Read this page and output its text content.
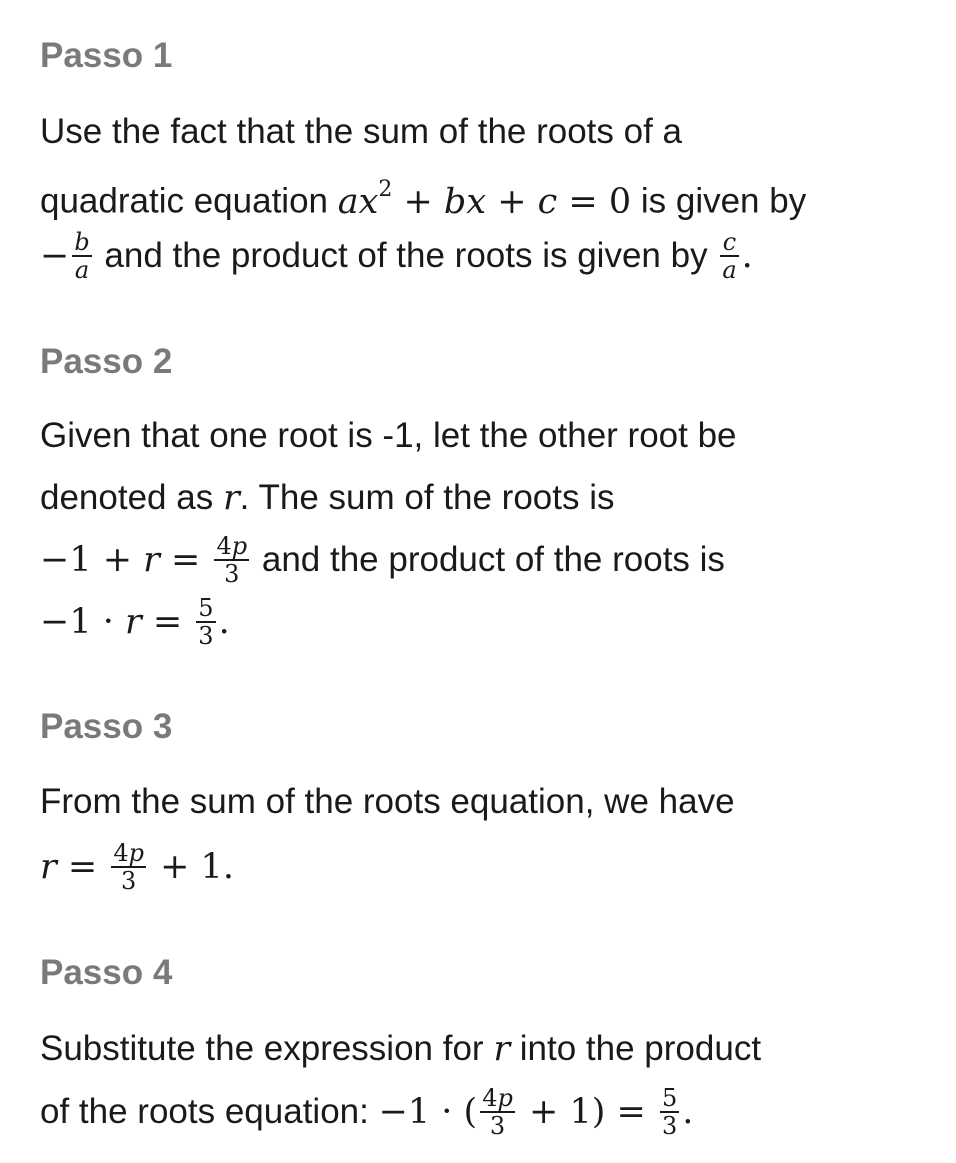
Passo 1
Use the fact that the sum of the roots of a
quadratic equation $ax^2$ + bx + c = 0 is given by
− $\frac{b}{a}$ and the product of the roots is given by $\frac{c}{a}$ .
Passo 2
Given that one root is -1, let the other root be
denoted as r. The sum of the roots is
$-1 + r = \frac{4p}{3}$ and the product of the roots is
$-1 \cdot r = \frac{5}{3}$ .
Passo 3
From the sum of the roots equation, we have
$r = \frac{4p}{3} + 1$.
Passo 4
Substitute the expression for r into the product
of the roots equation: −1 · ( $\frac{4p}{3} + 1) = \frac{5}{3}$ .
